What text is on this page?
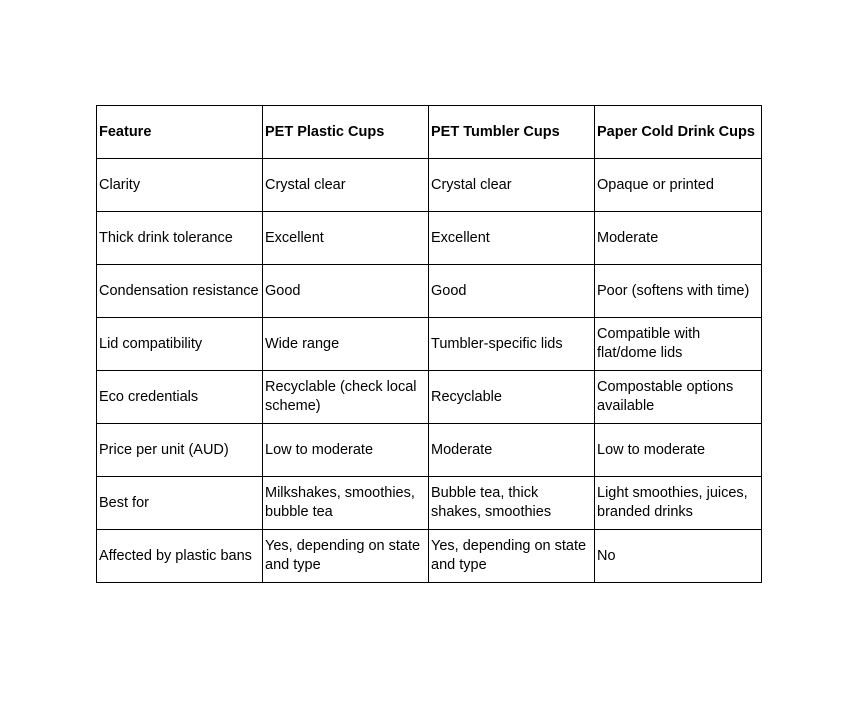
Feature	PET Plastic Cups	PET Tumbler Cups	Paper Cold Drink Cups
Clarity	Crystal clear	Crystal clear	Opaque or printed
Thick drink tolerance	Excellent	Excellent	Moderate
Condensation resistance	Good	Good	Poor (softens with time)
Lid compatibility	Wide range	Tumbler-specific lids	Compatible with flat/dome lids
Eco credentials	Recyclable (check local scheme)	Recyclable	Compostable options available
Price per unit (AUD)	Low to moderate	Moderate	Low to moderate
Best for	Milkshakes, smoothies, bubble tea	Bubble tea, thick shakes, smoothies	Light smoothies, juices, branded drinks
Affected by plastic bans	Yes, depending on state and type	Yes, depending on state and type	No
